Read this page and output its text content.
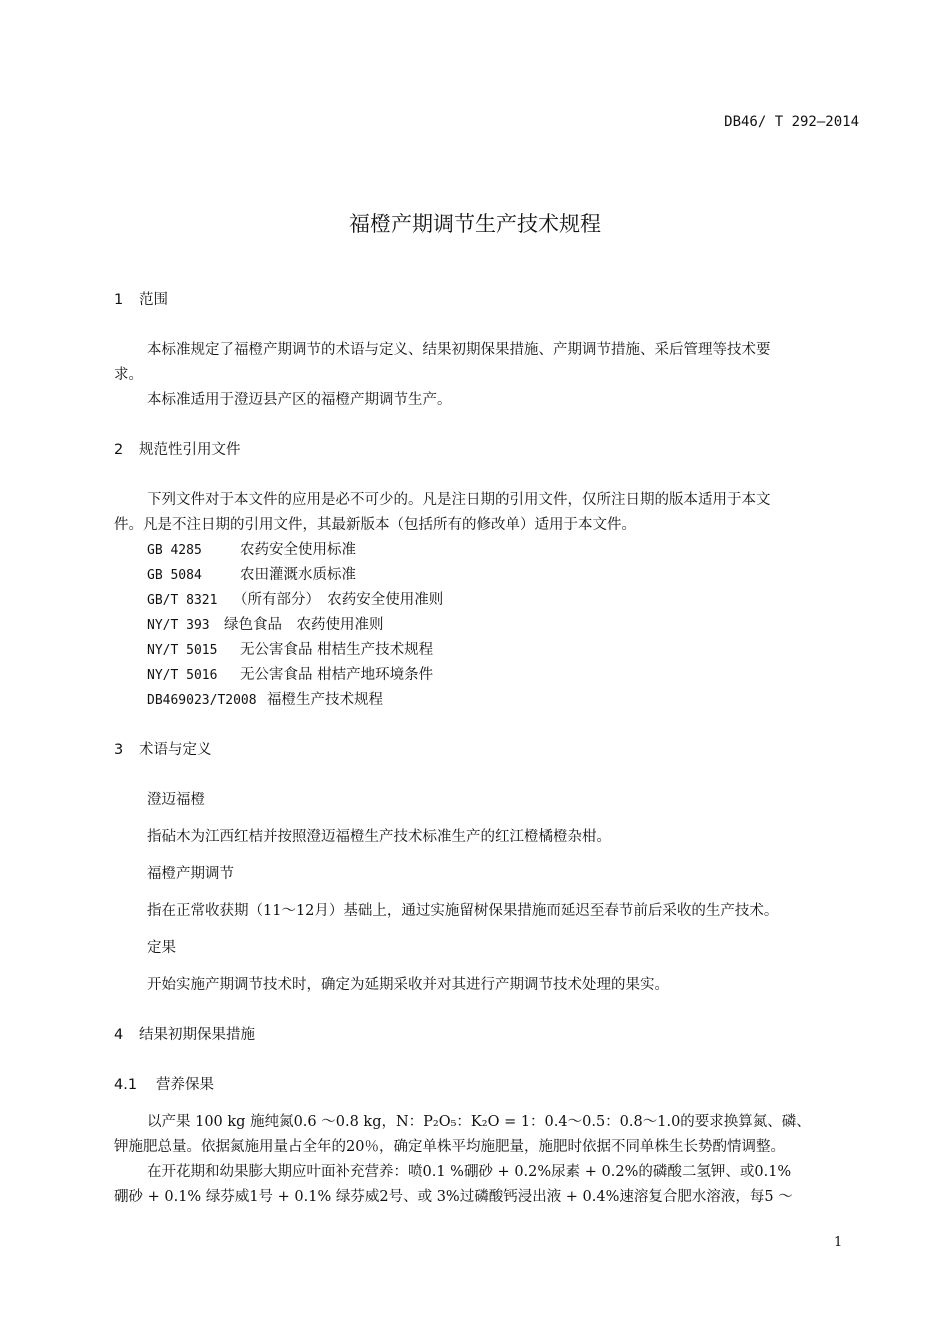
DB46/ T 292—2014
福橙产期调节生产技术规程
1 范围
本标准规定了福橙产期调节的术语与定义、结果初期保果措施、产期调节措施、采后管理等技术要
求。
本标准适用于澄迈县产区的福橙产期调节生产。
2 规范性引用文件
下列文件对于本文件的应用是必不可少的。凡是注日期的引用文件，仅所注日期的版本适用于本文
件。凡是不注日期的引用文件，其最新版本（包括所有的修改单）适用于本文件。
GB 4285	农药安全使用标准
GB 5084	农田灌溉水质标准
GB/T 8321 （所有部分）　农药安全使用准则
NY/T 393 绿色食品　农药使用准则
NY/T 5015 无公害食品 柑桔生产技术规程
NY/T 5016 无公害食品 柑桔产地环境条件
DB469023/T2008 福橙生产技术规程
3 术语与定义
澄迈福橙
指砧木为江西红桔并按照澄迈福橙生产技术标准生产的红江橙橘橙杂柑。
福橙产期调节
指在正常收获期（11～12月）基础上，通过实施留树保果措施而延迟至春节前后采收的生产技术。
定果
开始实施产期调节技术时，确定为延期采收并对其进行产期调节技术处理的果实。
4 结果初期保果措施
4.1 营养保果
以产果 100 kg 施纯氮0.6 ～0.8 kg，N：P₂O₅：K₂O = 1：0.4～0.5：0.8～1.0的要求换算氮、磷、
钾施肥总量。依据氮施用量占全年的20％，确定单株平均施肥量，施肥时依据不同单株生长势酌情调整。
在开花期和幼果膨大期应叶面补充营养：喷0.1 %硼砂 + 0.2%尿素 + 0.2%的磷酸二氢钾、或0.1%
硼砂 + 0.1% 绿芬威1号 + 0.1% 绿芬威2号、或 3%过磷酸钙浸出液 + 0.4%速溶复合肥水溶液，每5 ～
1
